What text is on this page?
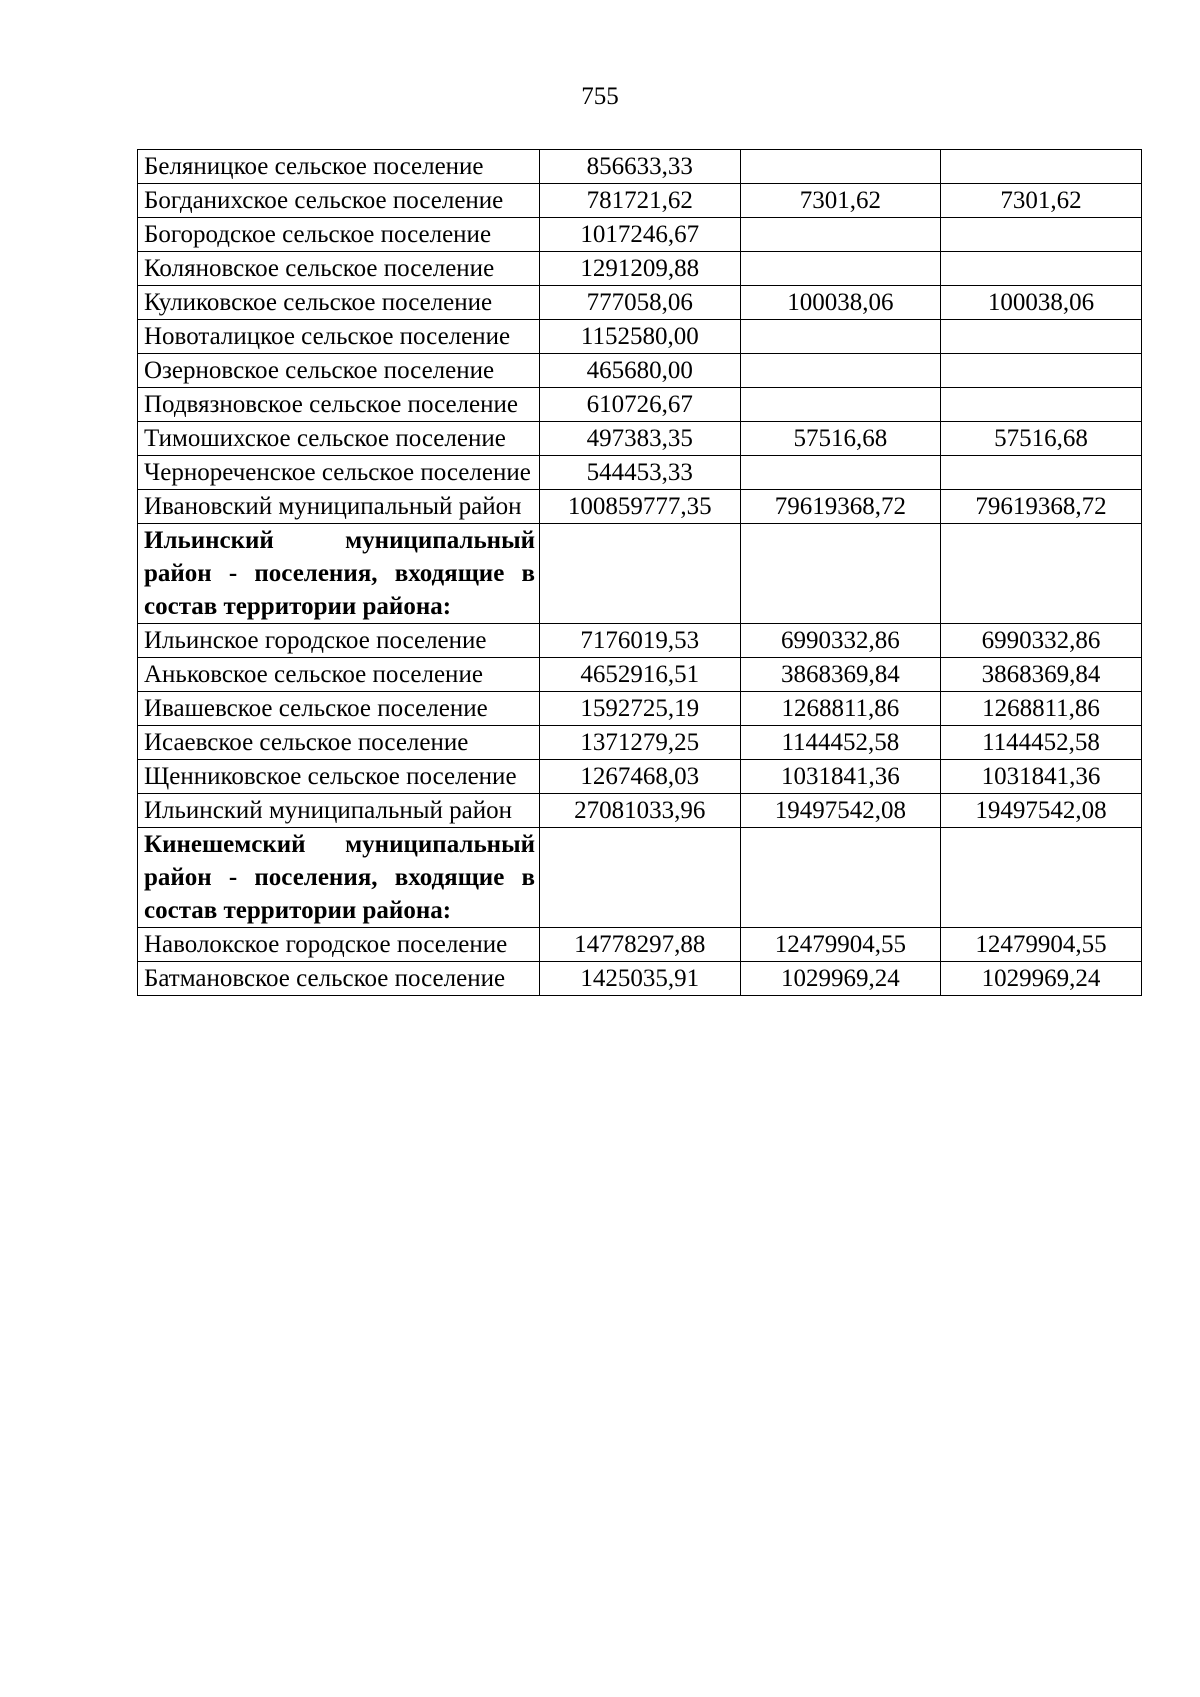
755
Беляницкое сельское поселение	856633,33		
Богданихское сельское поселение	781721,62	7301,62	7301,62
Богородское сельское поселение	1017246,67		
Коляновское сельское поселение	1291209,88		
Куликовское сельское поселение	777058,06	100038,06	100038,06
Новоталицкое сельское поселение	1152580,00		
Озерновское сельское поселение	465680,00		
Подвязновское сельское поселение	610726,67		
Тимошихское сельское поселение	497383,35	57516,68	57516,68
Чернореченское сельское поселение	544453,33		
Ивановский муниципальный район	100859777,35	79619368,72	79619368,72
Ильинский муниципальный район - поселения, входящие в состав территории района:			
Ильинское городское поселение	7176019,53	6990332,86	6990332,86
Аньковское сельское поселение	4652916,51	3868369,84	3868369,84
Ивашевское сельское поселение	1592725,19	1268811,86	1268811,86
Исаевское сельское поселение	1371279,25	1144452,58	1144452,58
Щенниковское сельское поселение	1267468,03	1031841,36	1031841,36
Ильинский муниципальный район	27081033,96	19497542,08	19497542,08
Кинешемский муниципальный район - поселения, входящие в состав территории района:			
Наволокское городское поселение	14778297,88	12479904,55	12479904,55
Батмановское сельское поселение	1425035,91	1029969,24	1029969,24
